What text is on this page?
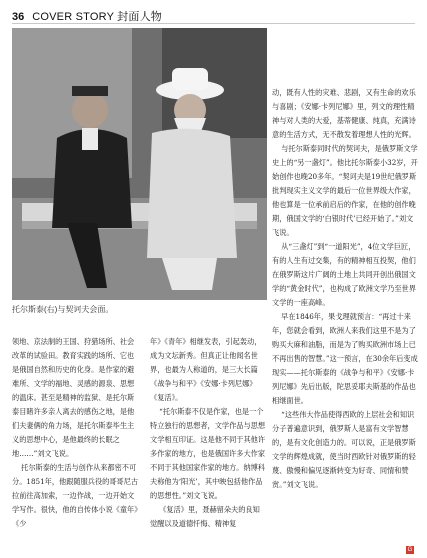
36 COVER STORY 封面人物
托尔斯泰(右)与契诃夫会面。
动，既有人性的灾难、悲剧，又有生命的欢乐与喜剧；《安娜·卡列尼娜》里，列文的理性精神与对人类的大爱，基蒂健康、纯真，充满诗意的生活方式，无不散发着理想人性的光辉。
与托尔斯泰同时代的契诃夫，是俄罗斯文学史上的“另一盏灯”。他比托尔斯泰小32岁，开始创作也晚20多年。“契诃夫是19世纪俄罗斯批判现实主义文学的最后一位世界级大作家，他也算是一位承前启后的作家，在他的创作晚期，俄国文学的‘白银时代’已经开始了。”刘文飞说。
从“三盏灯”到“一道阳光”，4位文学巨匠，有的人生有过交集，有的精神相互投契，他们在俄罗斯这片广阔的土地上共同开创出俄国文学的“黄金时代”，也构成了欧洲文学乃至世界文学的一座高峰。
早在1846年，果戈理就预言：“再过十来年，您就会看到，欧洲人来我们这里不是为了购买大麻和油脂，而是为了购买欧洲市场上已不再出售的智慧。”这一预言，在30余年后变成现实——托尔斯泰的《战争与和平》《安娜·卡列尼娜》先后出版，陀思妥耶夫斯基的作品也相继面世。
“这些伟大作品使得西欧的上层社会和知识分子普遍意识到，俄罗斯人是富有文学智慧的，是有文化创造力的。可以说，正是俄罗斯文学的辉煌成就，使当时西欧针对俄罗斯的轻蔑、傲慢和偏见逐渐转变为好奇、同情和赞赏。”刘文飞说。
领地、京法制的王国、狩猎场所、社会改革的试验田。教育实践的场所、它也是俄国自然和历史的化身。是作家的避难所、文学的福地、灵感的源泉、思想的温床。甚至是精神的监狱、是托尔斯泰目睹许多亲人离去的感伤之地，是他们夫妻俩的角力场，是托尔斯泰毕生主义的思想中心，是他最终的长眠之地……”刘文飞说。
托尔斯泰的生活与创作从来都密不可分。1851年，他跟随服兵役的哥哥尼古拉前往高加索，一边作战，一边开始文学写作。很快，他的自传体小说《童年》《少
年》《青年》相继发表，引起轰动，成为文坛新秀。但真正让他闻名世界，也最为人称道的，是三大长篇《战争与和平》《安娜·卡列尼娜》《复活》。
“托尔斯泰不仅是作家，也是一个特立独行的思想者，文学作品与思想文学相互印证。这是他不同于其他许多作家的地方，也是俄国许多大作家不同于其他国家作家的地方。纳博科夫称他为‘阳光’，其中映包括他作品的思想性。”刘文飞说。
《复活》里，聂赫留朵夫的良知觉醒以及道德忏悔、精神复
G
